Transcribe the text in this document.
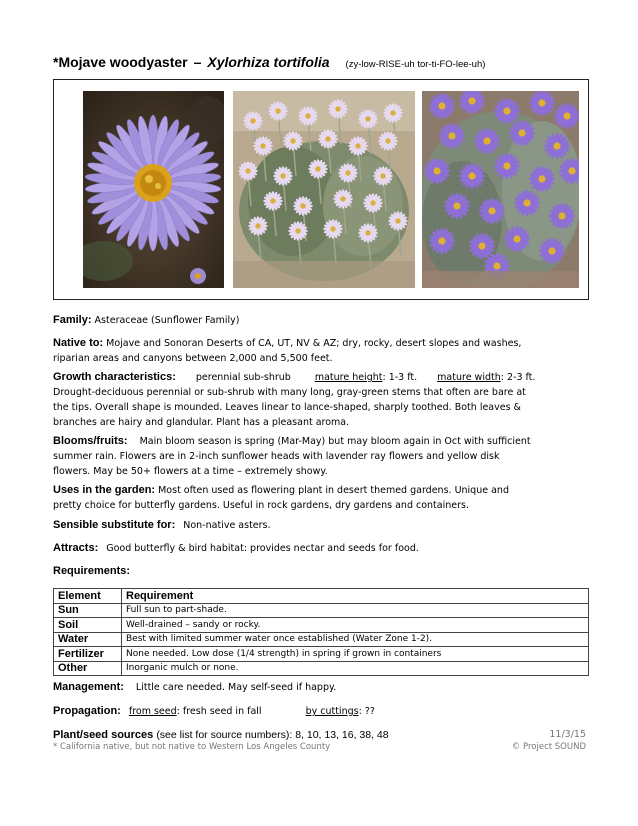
*Mojave woodyaster – Xylorhiza tortifolia (zy-low-RISE-uh tor-ti-FO-lee-uh)
Family: Asteraceae (Sunflower Family)
Native to: Mojave and Sonoran Deserts of CA, UT, NV & AZ; dry, rocky, desert slopes and washes,
riparian areas and canyons between 2,000 and 5,500 feet.
Growth characteristics: perennial sub-shrub	mature height: 1-3 ft. mature width: 2-3 ft.
Drought-deciduous perennial or sub-shrub with many long, gray-green stems that often are bare at
the tips. Overall shape is mounded. Leaves linear to lance-shaped, sharply toothed. Both leaves &
branches are hairy and glandular. Plant has a pleasant aroma.
Blooms/fruits: Main bloom season is spring (Mar-May) but may bloom again in Oct with sufficient
summer rain. Flowers are in 2-inch sunflower heads with lavender ray flowers and yellow disk
flowers. May be 50+ flowers at a time – extremely showy.
Uses in the garden: Most often used as flowering plant in desert themed gardens. Unique and
pretty choice for butterfly gardens. Useful in rock gardens, dry gardens and containers.
Sensible substitute for: Non-native asters.
Attracts: Good butterfly & bird habitat: provides nectar and seeds for food.
Requirements:
Element	Requirement
Sun	Full sun to part-shade.
Soil	Well-drained – sandy or rocky.
Water	Best with limited summer water once established (Water Zone 1-2).
Fertilizer	None needed. Low dose (1/4 strength) in spring if grown in containers
Other	Inorganic mulch or none.
Management: Little care needed. May self-seed if happy.
Propagation: from seed: fresh seed in fall	by cuttings: ??
Plant/seed sources (see list for source numbers): 8, 10, 13, 16, 38, 48	11/3/15
* California native, but not native to Western Los Angeles County	© Project SOUND
